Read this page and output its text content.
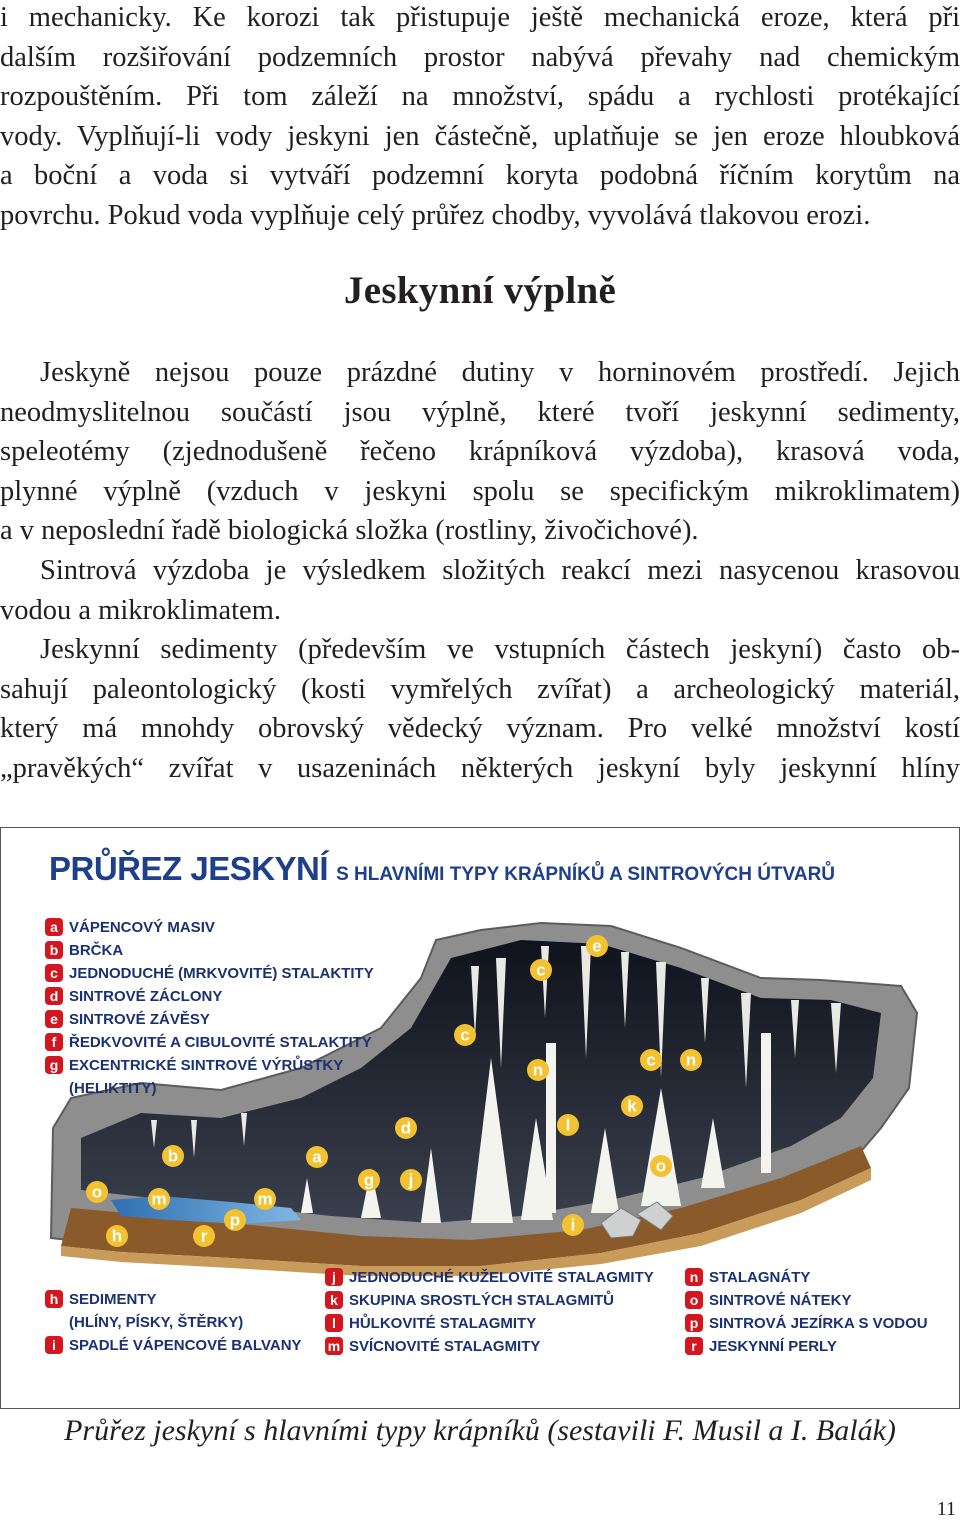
i mechanicky. Ke korozi tak přistupuje ještě mechanická eroze, která při
dalším rozšiřování podzemních prostor nabývá převahy nad chemickým
rozpouštěním. Při tom záleží na množství, spádu a rychlosti protékající
vody. Vyplňují-li vody jeskyni jen částečně, uplatňuje se jen eroze hloubková
a boční a voda si vytváří podzemní koryta podobná říčním korytům na
povrchu. Pokud voda vyplňuje celý průřez chodby, vyvolává tlakovou erozi.
Jeskynní výplně
Jeskyně nejsou pouze prázdné dutiny v horninovém prostředí. Jejich
neodmyslitelnou součástí jsou výplně, které tvoří jeskynní sedimenty,
speleotémy (zjednodušeně řečeno krápníková výzdoba), krasová voda,
plynné výplně (vzduch v jeskyni spolu se specifickým mikroklimatem)
a v neposlední řadě biologická složka (rostliny, živočichové).
Sintrová výzdoba je výsledkem složitých reakcí mezi nasycenou krasovou
vodou a mikroklimatem.
Jeskynní sedimenty (především ve vstupních částech jeskyní) často ob-
sahují paleontologický (kosti vymřelých zvířat) a archeologický materiál,
který má mnohdy obrovský vědecký význam. Pro velké množství kostí
„pravěkých“ zvířat v usazeninách některých jeskyní byly jeskynní hlíny
e
c
c
n
c n
k
d	l
o
a
b
g j
o	m	m
p
h	r
i
PRŮŘEZ JESKYNÍ S HLAVNÍMI TYPY KRÁPNÍKŮ A SINTROVÝCH ÚTVARŮ
a VÁPENCOVÝ MASIV
b BRČKA
c JEDNODUCHÉ (MRKVOVITÉ) STALAKTITY
d SINTROVÉ ZÁCLONY
e SINTROVÉ ZÁVĚSY
f ŘEDKVOVITÉ A CIBULOVITÉ STALAKTITY
g EXCENTRICKÉ SINTROVÉ VÝRŮSTKY
(HELIKTITY)
h SEDIMENTY
(HLÍNY, PÍSKY, ŠTĚRKY)
i SPADLÉ VÁPENCOVÉ BALVANY
j JEDNODUCHÉ KUŽELOVITÉ STALAGMITY
k SKUPINA SROSTLÝCH STALAGMITŮ
l HŮLKOVITÉ STALAGMITY
m SVÍCNOVITÉ STALAGMITY
n STALAGNÁTY
o SINTROVÉ NÁTEKY
p SINTROVÁ JEZÍRKA S VODOU
r JESKYNNÍ PERLY

Průřez jeskyní s hlavními typy krápníků (sestavili F. Musil a I. Balák)

11
